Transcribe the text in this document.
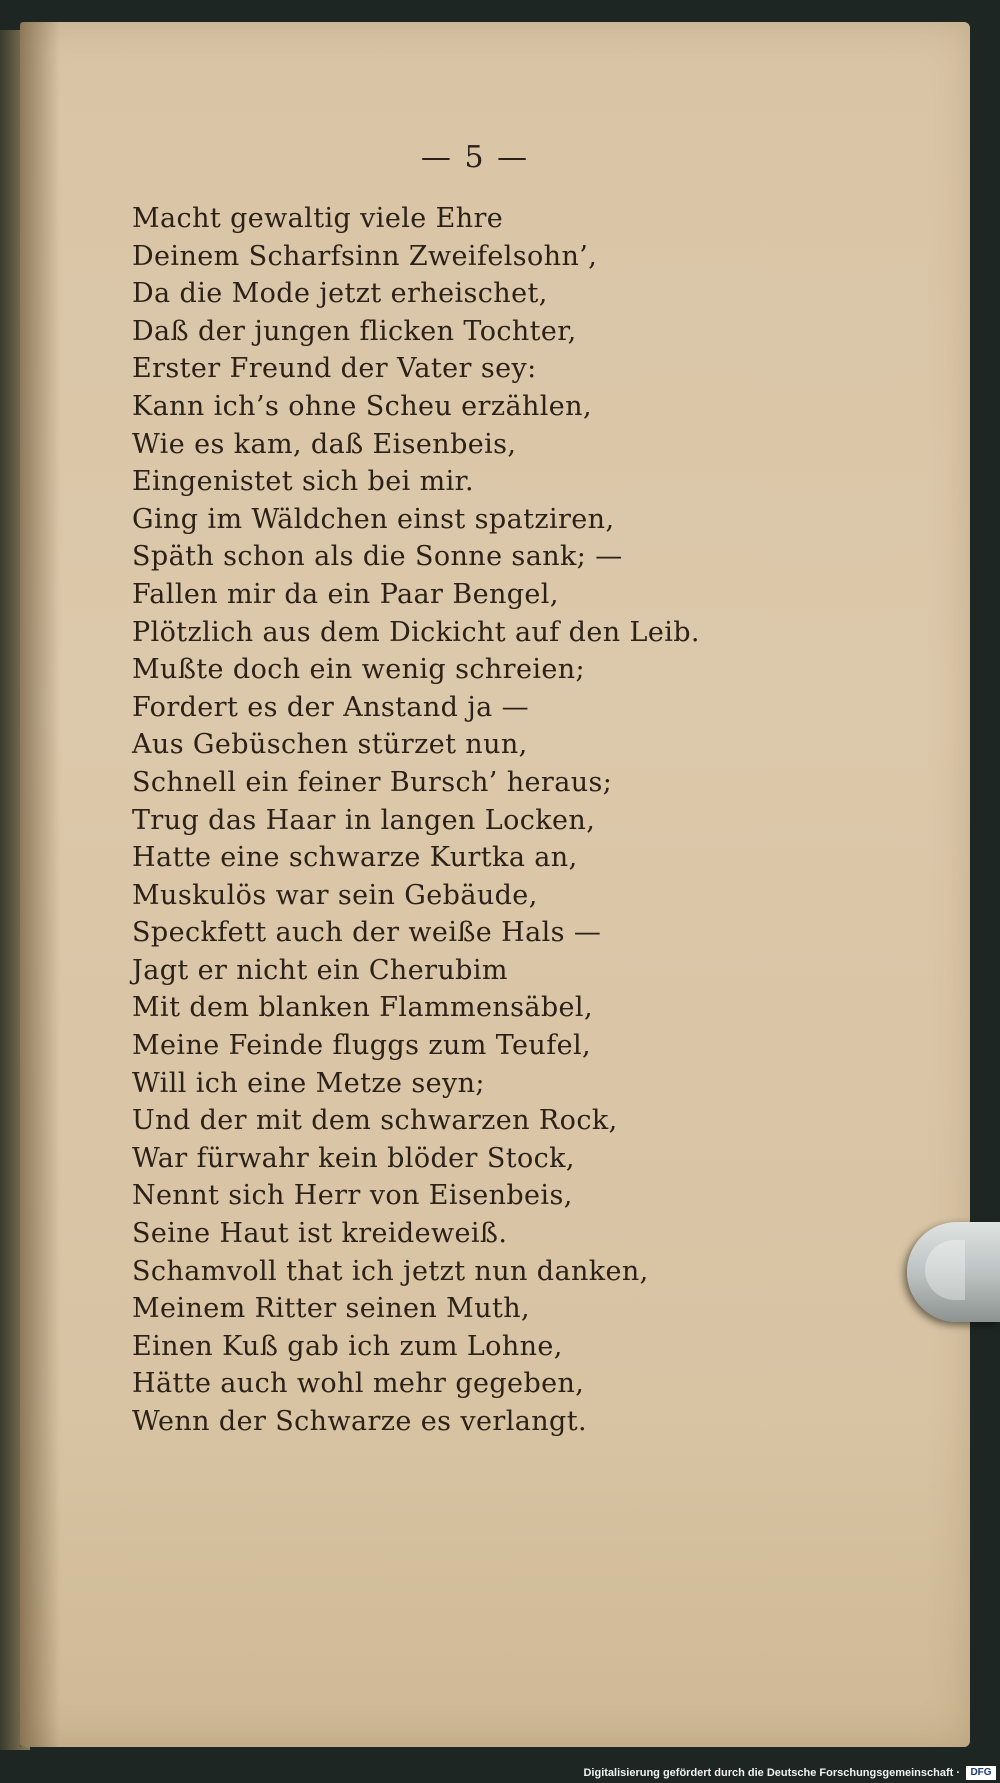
— 5 —
Macht gewaltig viele Ehre
Deinem Scharfsinn Zweifelsohn’,
Da die Mode jetzt erheischet,
Daß der jungen flicken Tochter,
Erster Freund der Vater sey:
Kann ich’s ohne Scheu erzählen,
Wie es kam, daß Eisenbeis,
Eingenistet sich bei mir.
Ging im Wäldchen einst spatziren,
Späth schon als die Sonne sank; —
Fallen mir da ein Paar Bengel,
Plötzlich aus dem Dickicht auf den Leib.
Mußte doch ein wenig schreien;
Fordert es der Anstand ja —
Aus Gebüschen stürzet nun,
Schnell ein feiner Bursch’ heraus;
Trug das Haar in langen Locken,
Hatte eine schwarze Kurtka an,
Muskulös war sein Gebäude,
Speckfett auch der weiße Hals —
Jagt er nicht ein Cherubim
Mit dem blanken Flammensäbel,
Meine Feinde fluggs zum Teufel,
Will ich eine Metze seyn;
Und der mit dem schwarzen Rock,
War fürwahr kein blöder Stock,
Nennt sich Herr von Eisenbeis,
Seine Haut ist kreideweiß.
Schamvoll that ich jetzt nun danken,
Meinem Ritter seinen Muth,
Einen Kuß gab ich zum Lohne,
Hätte auch wohl mehr gegeben,
Wenn der Schwarze es verlangt.
Digitalisierung gefördert durch die Deutsche Forschungsgemeinschaft ·	DFG
